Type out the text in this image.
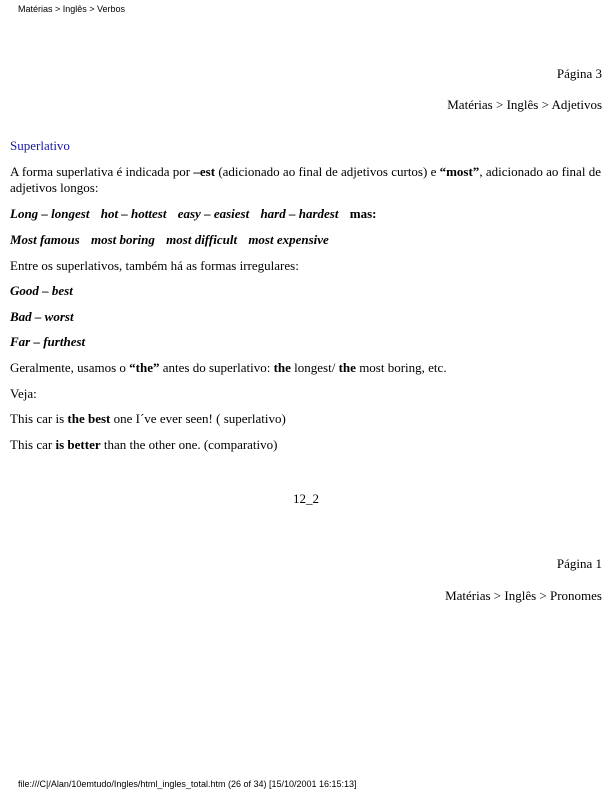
Matérias > Inglês > Verbos
Página 3
Matérias > Inglês > Adjetivos
Superlativo
A forma superlativa é indicada por –est (adicionado ao final de adjetivos curtos) e “most”, adicionado ao final de adjetivos longos:
Long – longest hot – hottest easy – easiest hard – hardest mas:
Most famous most boring most difficult most expensive
Entre os superlativos, também há as formas irregulares:
Good – best
Bad – worst
Far – furthest
Geralmente, usamos o “the” antes do superlativo: the longest/ the most boring, etc.
Veja:
This car is the best one I´ve ever seen! ( superlativo)
This car is better than the other one. (comparativo)
12_2
Página 1
Matérias > Inglês > Pronomes
file:///C|/Alan/10emtudo/Ingles/html_ingles_total.htm (26 of 34) [15/10/2001 16:15:13]
